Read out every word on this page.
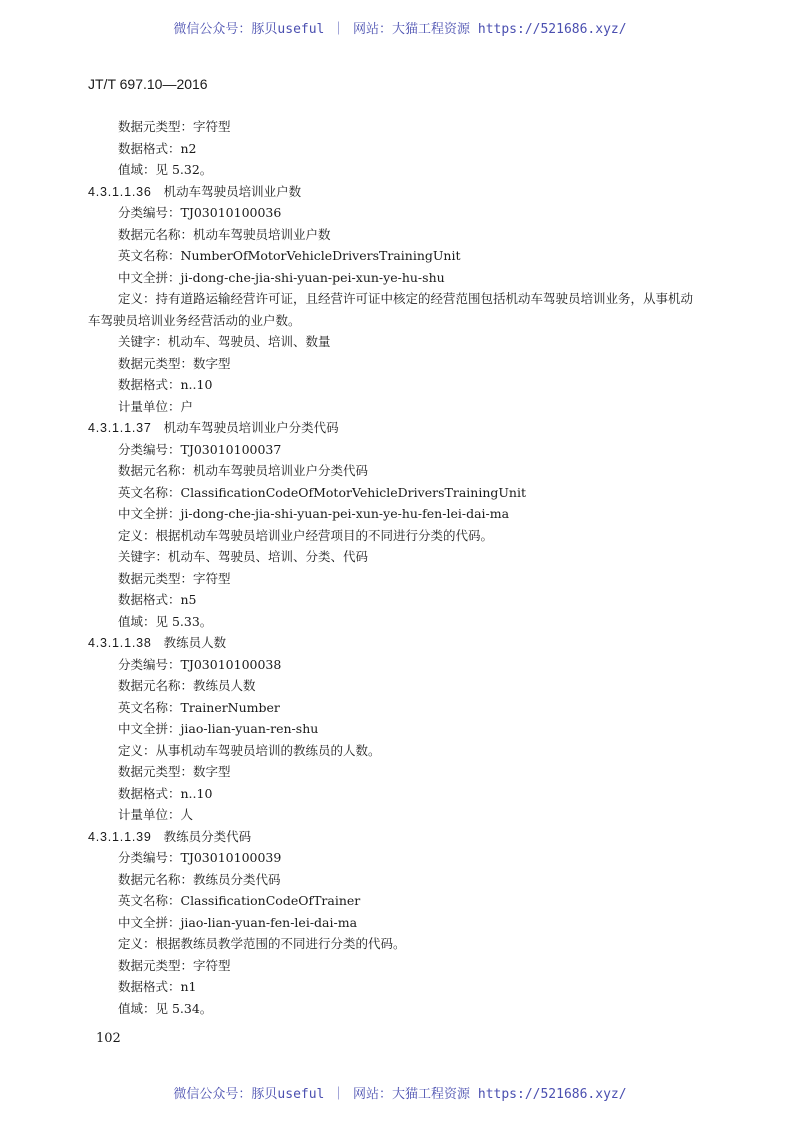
微信公众号：豚贝useful ｜ 网站：大猫工程资源 https://521686.xyz/
JT/T 697.10—2016
数据元类型：字符型
数据格式：n2
值域：见 5.32。
4.3.1.1.36 机动车驾驶员培训业户数
分类编号：TJ03010100036
数据元名称：机动车驾驶员培训业户数
英文名称：NumberOfMotorVehicleDriversTrainingUnit
中文全拼：ji-dong-che-jia-shi-yuan-pei-xun-ye-hu-shu

定义：持有道路运输经营许可证，且经营许可证中核定的经营范围包括机动车驾驶员培训业务，从事机动车驾驶员培训业务经营活动的业户数。

关键字：机动车、驾驶员、培训、数量
数据元类型：数字型
数据格式：n..10
计量单位：户
4.3.1.1.37 机动车驾驶员培训业户分类代码
分类编号：TJ03010100037
数据元名称：机动车驾驶员培训业户分类代码
英文名称：ClassificationCodeOfMotorVehicleDriversTrainingUnit
中文全拼：ji-dong-che-jia-shi-yuan-pei-xun-ye-hu-fen-lei-dai-ma
定义：根据机动车驾驶员培训业户经营项目的不同进行分类的代码。
关键字：机动车、驾驶员、培训、分类、代码
数据元类型：字符型
数据格式：n5
值域：见 5.33。
4.3.1.1.38 教练员人数
分类编号：TJ03010100038
数据元名称：教练员人数
英文名称：TrainerNumber
中文全拼：jiao-lian-yuan-ren-shu
定义：从事机动车驾驶员培训的教练员的人数。
数据元类型：数字型
数据格式：n..10
计量单位：人
4.3.1.1.39 教练员分类代码
分类编号：TJ03010100039
数据元名称：教练员分类代码
英文名称：ClassificationCodeOfTrainer
中文全拼：jiao-lian-yuan-fen-lei-dai-ma
定义：根据教练员教学范围的不同进行分类的代码。
数据元类型：字符型
数据格式：n1
值域：见 5.34。
102
微信公众号：豚贝useful ｜ 网站：大猫工程资源 https://521686.xyz/
